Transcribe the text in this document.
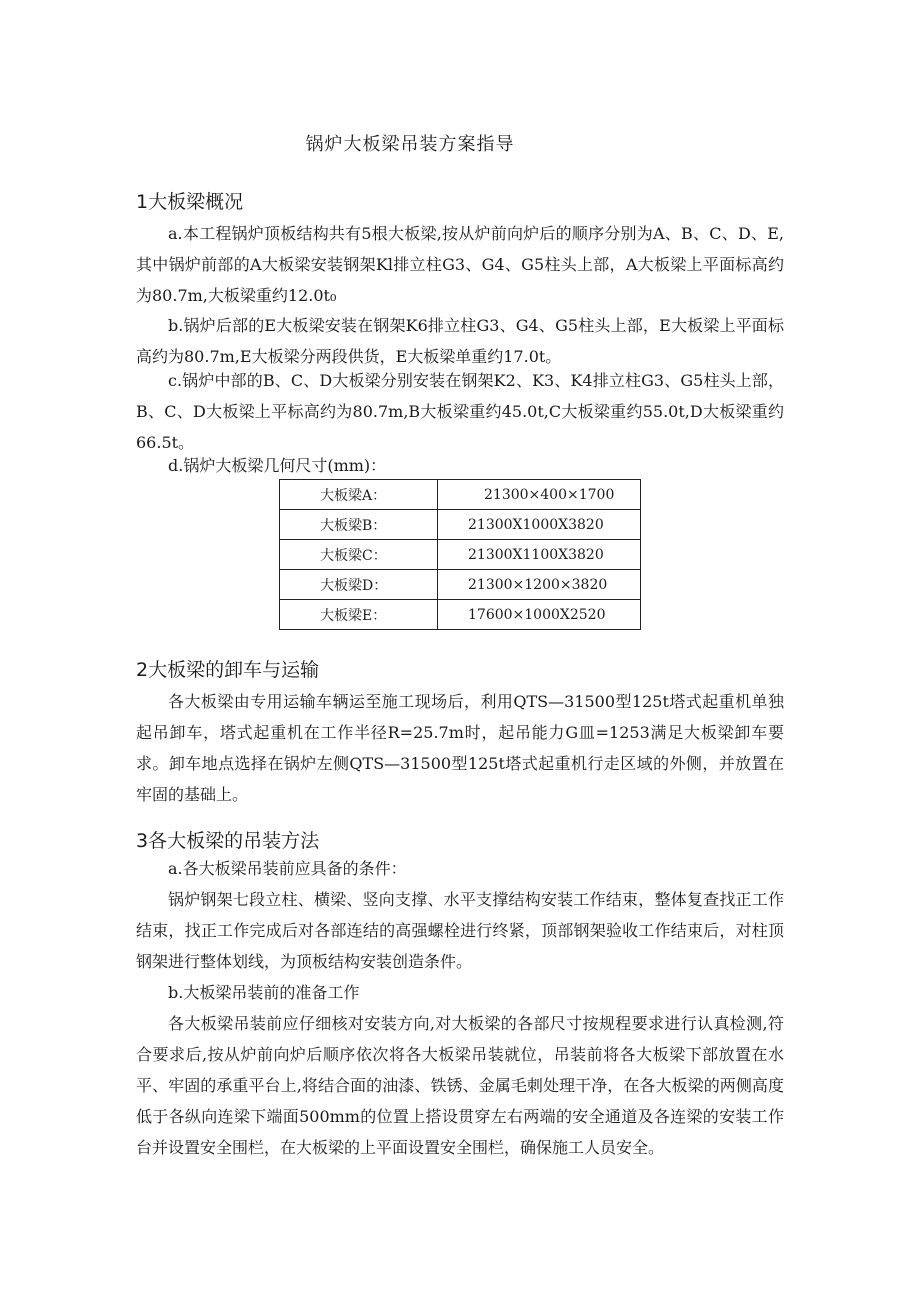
锅炉大板梁吊装方案指导
1大板梁概况

a.本工程锅炉顶板结构共有5根大板梁,按从炉前向炉后的顺序分别为A、B、C、D、E,其中锅炉前部的A大板梁安装钢架Kl排立柱G3、G4、G5柱头上部，A大板梁上平面标高约为80.7m,大板梁重约12.0t₀

b.锅炉后部的E大板梁安装在钢架K6排立柱G3、G4、G5柱头上部，E大板梁上平面标高约为80.7m,E大板梁分两段供货，E大板梁单重约17.0t。

c.锅炉中部的B、C、D大板梁分别安装在钢架K2、K3、K4排立柱G3、G5柱头上部，B、C、D大板梁上平标高约为80.7m,B大板梁重约45.0t,C大板梁重约55.0t,D大板梁重约66.5t。

d.锅炉大板梁几何尺寸(mm)：

大板梁A：	21300×400×1700
大板梁B：	21300X1000X3820
大板梁C：	21300X1100X3820
大板梁D：	21300×1200×3820
大板梁E：	17600×1000X2520
2大板梁的卸车与运输

各大板梁由专用运输车辆运至施工现场后，利用QTS—31500型125t塔式起重机单独起吊卸车，塔式起重机在工作半径R=25.7m时，起吊能力G皿=1253满足大板梁卸车要求。卸车地点选择在锅炉左侧QTS—31500型125t塔式起重机行走区域的外侧，并放置在牢固的基础上。

3各大板梁的吊装方法

a.各大板梁吊装前应具备的条件：

锅炉钢架七段立柱、横梁、竖向支撑、水平支撑结构安装工作结束，整体复查找正工作结束，找正工作完成后对各部连结的高强螺栓进行终紧，顶部钢架验收工作结束后，对柱顶钢架进行整体划线，为顶板结构安装创造条件。

b.大板梁吊装前的准备工作

各大板梁吊装前应仔细核对安装方向,对大板梁的各部尺寸按规程要求进行认真检测,符合要求后,按从炉前向炉后顺序依次将各大板梁吊装就位，吊装前将各大板梁下部放置在水平、牢固的承重平台上,将结合面的油漆、铁锈、金属毛刺处理干净，在各大板梁的两侧高度低于各纵向连梁下端面500mm的位置上搭设贯穿左右两端的安全通道及各连梁的安装工作台并设置安全围栏，在大板梁的上平面设置安全围栏，确保施工人员安全。
